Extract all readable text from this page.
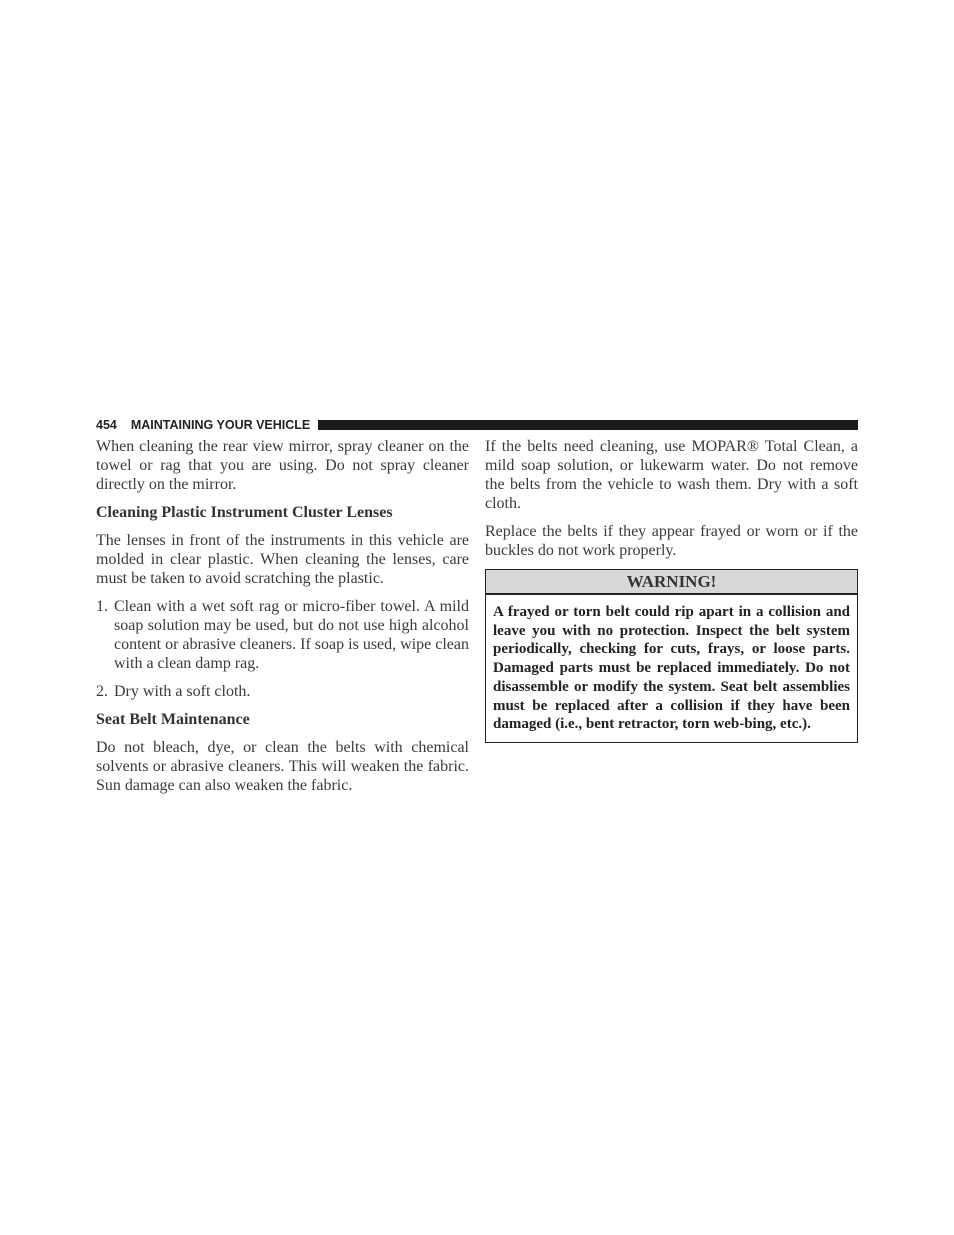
454 MAINTAINING YOUR VEHICLE

When cleaning the rear view mirror, spray cleaner on the towel or rag that you are using. Do not spray cleaner directly on the mirror.

Cleaning Plastic Instrument Cluster Lenses

The lenses in front of the instruments in this vehicle are molded in clear plastic. When cleaning the lenses, care must be taken to avoid scratching the plastic.

1. Clean with a wet soft rag or micro-fiber towel. A mild soap solution may be used, but do not use high alcohol content or abrasive cleaners. If soap is used, wipe clean with a clean damp rag.
2. Dry with a soft cloth.
Seat Belt Maintenance

Do not bleach, dye, or clean the belts with chemical solvents or abrasive cleaners. This will weaken the fabric. Sun damage can also weaken the fabric.

If the belts need cleaning, use MOPAR® Total Clean, a mild soap solution, or lukewarm water. Do not remove the belts from the vehicle to wash them. Dry with a soft cloth.

Replace the belts if they appear frayed or worn or if the buckles do not work properly.

WARNING!
A frayed or torn belt could rip apart in a collision and leave you with no protection. Inspect the belt system periodically, checking for cuts, frays, or loose parts. Damaged parts must be replaced immediately. Do not disassemble or modify the system. Seat belt assemblies must be replaced after a collision if they have been damaged (i.e., bent retractor, torn web-bing, etc.).
